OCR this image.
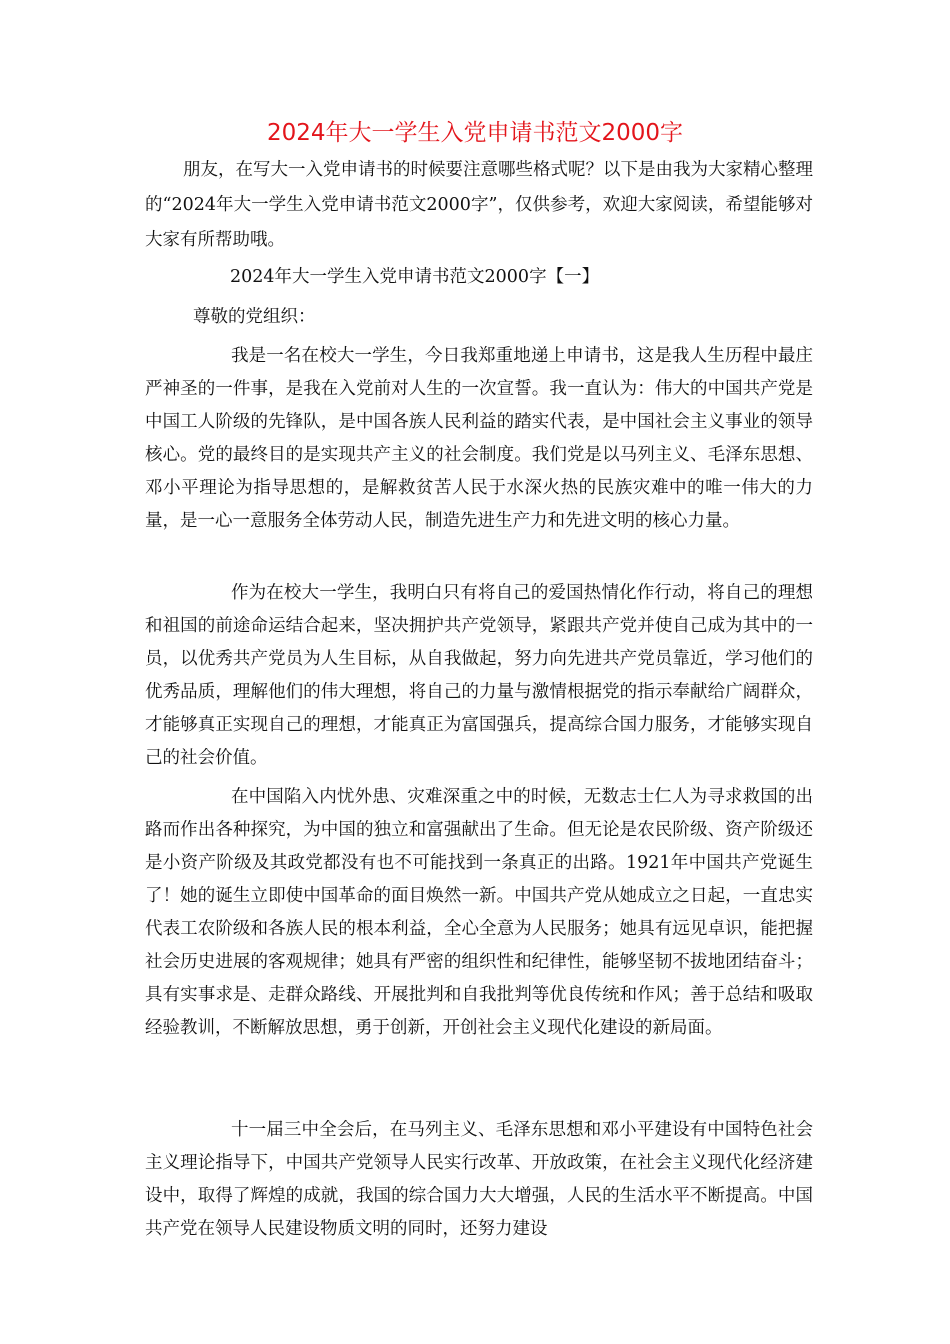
2024年大一学生入党申请书范文2000字

朋友，在写大一入党申请书的时候要注意哪些格式呢？以下是由我为大家精心整理的“2024年大一学生入党申请书范文2000字”，仅供参考，欢迎大家阅读，希望能够对大家有所帮助哦。

2024年大一学生入党申请书范文2000字【一】

尊敬的党组织：

我是一名在校大一学生，今日我郑重地递上申请书，这是我人生历程中最庄严神圣的一件事，是我在入党前对人生的一次宣誓。我一直认为：伟大的中国共产党是中国工人阶级的先锋队，是中国各族人民利益的踏实代表，是中国社会主义事业的领导核心。党的最终目的是实现共产主义的社会制度。我们党是以马列主义、毛泽东思想、邓小平理论为指导思想的，是解救贫苦人民于水深火热的民族灾难中的唯一伟大的力量，是一心一意服务全体劳动人民，制造先进生产力和先进文明的核心力量。

作为在校大一学生，我明白只有将自己的爱国热情化作行动，将自己的理想和祖国的前途命运结合起来，坚决拥护共产党领导，紧跟共产党并使自己成为其中的一员，以优秀共产党员为人生目标，从自我做起，努力向先进共产党员靠近，学习他们的优秀品质，理解他们的伟大理想，将自己的力量与激情根据党的指示奉献给广阔群众，才能够真正实现自己的理想，才能真正为富国强兵，提高综合国力服务，才能够实现自己的社会价值。

在中国陷入内忧外患、灾难深重之中的时候，无数志士仁人为寻求救国的出路而作出各种探究，为中国的独立和富强献出了生命。但无论是农民阶级、资产阶级还是小资产阶级及其政党都没有也不可能找到一条真正的出路。1921年中国共产党诞生了！她的诞生立即使中国革命的面目焕然一新。中国共产党从她成立之日起，一直忠实代表工农阶级和各族人民的根本利益，全心全意为人民服务；她具有远见卓识，能把握社会历史进展的客观规律；她具有严密的组织性和纪律性，能够坚韧不拔地团结奋斗；具有实事求是、走群众路线、开展批判和自我批判等优良传统和作风；善于总结和吸取经验教训，不断解放思想，勇于创新，开创社会主义现代化建设的新局面。

十一届三中全会后，在马列主义、毛泽东思想和邓小平建设有中国特色社会主义理论指导下，中国共产党领导人民实行改革、开放政策，在社会主义现代化经济建设中，取得了辉煌的成就，我国的综合国力大大增强，人民的生活水平不断提高。中国共产党在领导人民建设物质文明的同时，还努力建设
